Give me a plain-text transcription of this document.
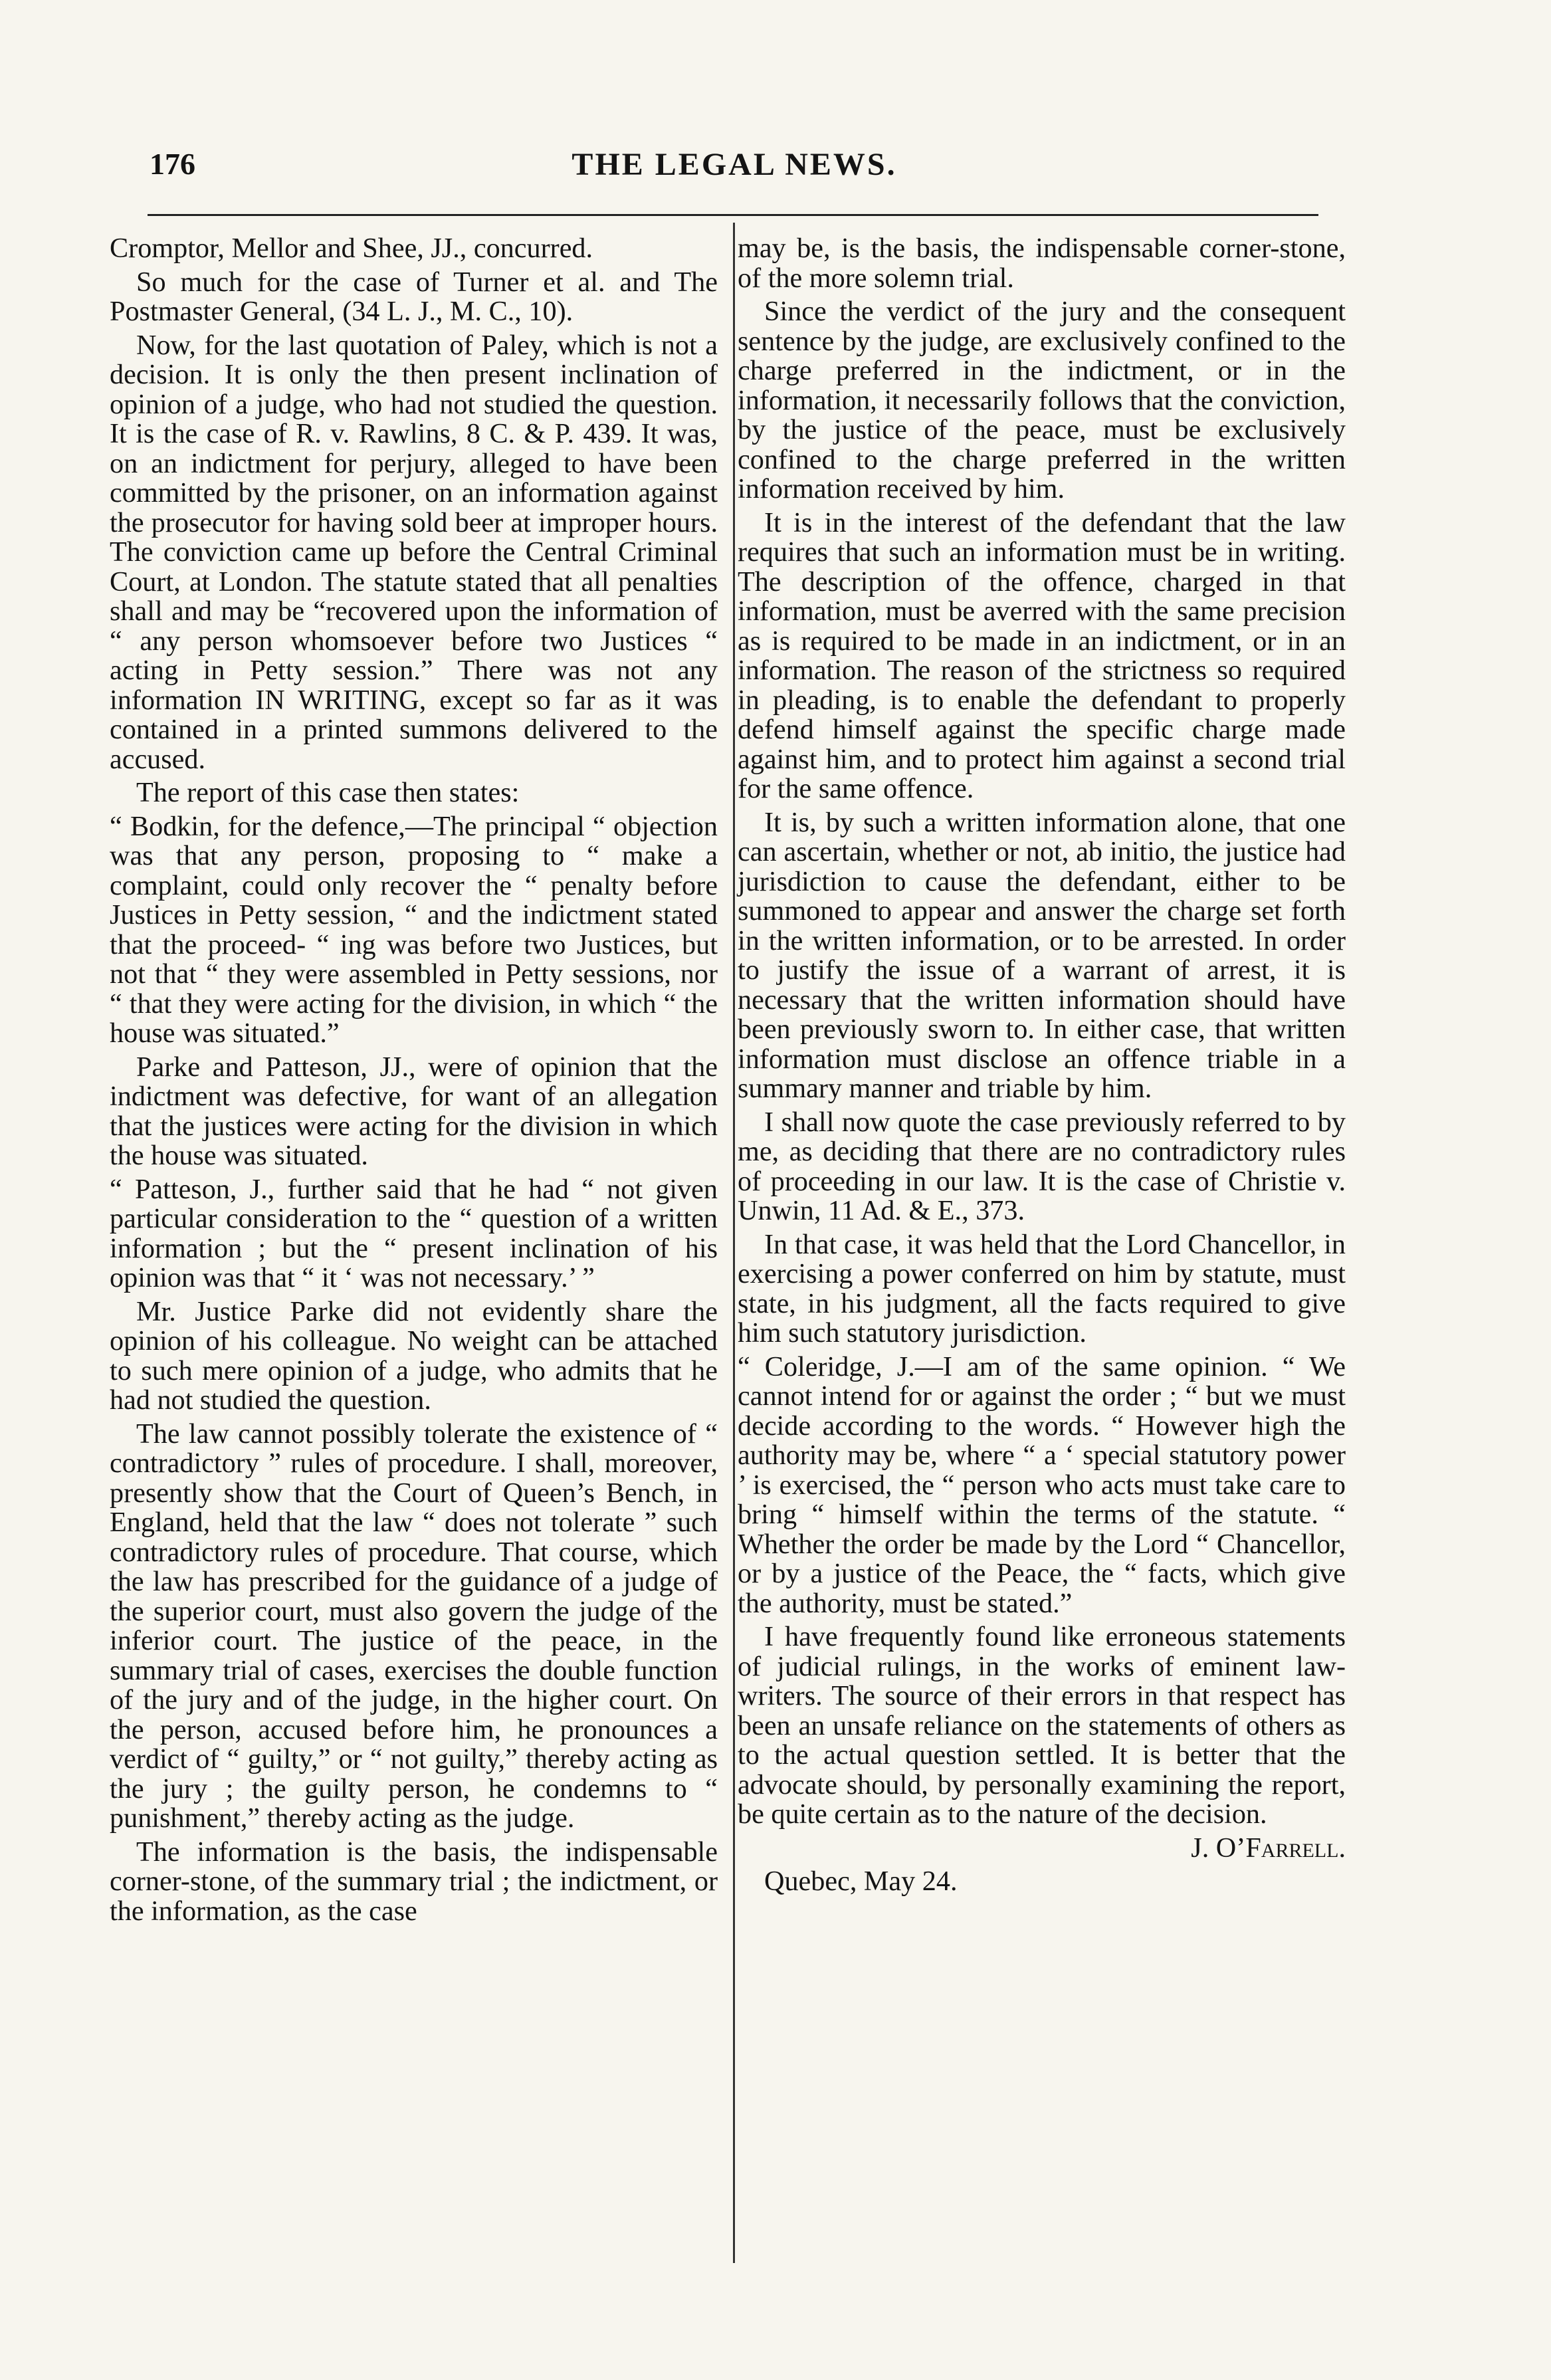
176	THE LEGAL NEWS.

Cromptor, Mellor and Shee, JJ., concurred.

So much for the case of Turner et al. and The Postmaster General, (34 L. J., M. C., 10).

Now, for the last quotation of Paley, which is not a decision. It is only the then present inclination of opinion of a judge, who had not studied the question. It is the case of R. v. Rawlins, 8 C. & P. 439. It was, on an indictment for perjury, alleged to have been committed by the prisoner, on an information against the prosecutor for having sold beer at improper hours. The conviction came up before the Central Criminal Court, at London. The statute stated that all penalties shall and may be “recovered upon the information of “ any person whomsoever before two Justices “ acting in Petty session.” There was not any information IN WRITING, except so far as it was contained in a printed summons delivered to the accused.

The report of this case then states:

“ Bodkin, for the defence,—The principal “ objection was that any person, proposing to “ make a complaint, could only recover the “ penalty before Justices in Petty session, “ and the indictment stated that the proceed- “ ing was before two Justices, but not that “ they were assembled in Petty sessions, nor “ that they were acting for the division, in which “ the house was situated.”

Parke and Patteson, JJ., were of opinion that the indictment was defective, for want of an allegation that the justices were acting for the division in which the house was situated.

“ Patteson, J., further said that he had “ not given particular consideration to the “ question of a written information ; but the “ present inclination of his opinion was that “ it ‘ was not necessary.’ ”

Mr. Justice Parke did not evidently share the opinion of his colleague. No weight can be attached to such mere opinion of a judge, who admits that he had not studied the question.

The law cannot possibly tolerate the existence of “ contradictory ” rules of procedure. I shall, moreover, presently show that the Court of Queen’s Bench, in England, held that the law “ does not tolerate ” such contradictory rules of procedure. That course, which the law has prescribed for the guidance of a judge of the superior court, must also govern the judge of the inferior court. The justice of the peace, in the summary trial of cases, exercises the double function of the jury and of the judge, in the higher court. On the person, accused before him, he pronounces a verdict of “ guilty,” or “ not guilty,” thereby acting as the jury ; the guilty person, he condemns to “ punishment,” thereby acting as the judge.

The information is the basis, the indispensable corner-stone, of the summary trial ; the indictment, or the information, as the case

may be, is the basis, the indispensable corner-stone, of the more solemn trial.

Since the verdict of the jury and the consequent sentence by the judge, are exclusively confined to the charge preferred in the indictment, or in the information, it necessarily follows that the conviction, by the justice of the peace, must be exclusively confined to the charge preferred in the written information received by him.

It is in the interest of the defendant that the law requires that such an information must be in writing. The description of the offence, charged in that information, must be averred with the same precision as is required to be made in an indictment, or in an information. The reason of the strictness so required in pleading, is to enable the defendant to properly defend himself against the specific charge made against him, and to protect him against a second trial for the same offence.

It is, by such a written information alone, that one can ascertain, whether or not, ab initio, the justice had jurisdiction to cause the defendant, either to be summoned to appear and answer the charge set forth in the written information, or to be arrested. In order to justify the issue of a warrant of arrest, it is necessary that the written information should have been previously sworn to. In either case, that written information must disclose an offence triable in a summary manner and triable by him.

I shall now quote the case previously referred to by me, as deciding that there are no contradictory rules of proceeding in our law. It is the case of Christie v. Unwin, 11 Ad. & E., 373.

In that case, it was held that the Lord Chancellor, in exercising a power conferred on him by statute, must state, in his judgment, all the facts required to give him such statutory jurisdiction.

“ Coleridge, J.—I am of the same opinion. “ We cannot intend for or against the order ; “ but we must decide according to the words. “ However high the authority may be, where “ a ‘ special statutory power ’ is exercised, the “ person who acts must take care to bring “ himself within the terms of the statute. “ Whether the order be made by the Lord “ Chancellor, or by a justice of the Peace, the “ facts, which give the authority, must be stated.”

I have frequently found like erroneous statements of judicial rulings, in the works of eminent law-writers. The source of their errors in that respect has been an unsafe reliance on the statements of others as to the actual question settled. It is better that the advocate should, by personally examining the report, be quite certain as to the nature of the decision.

J. O’Farrell.

Quebec, May 24.
